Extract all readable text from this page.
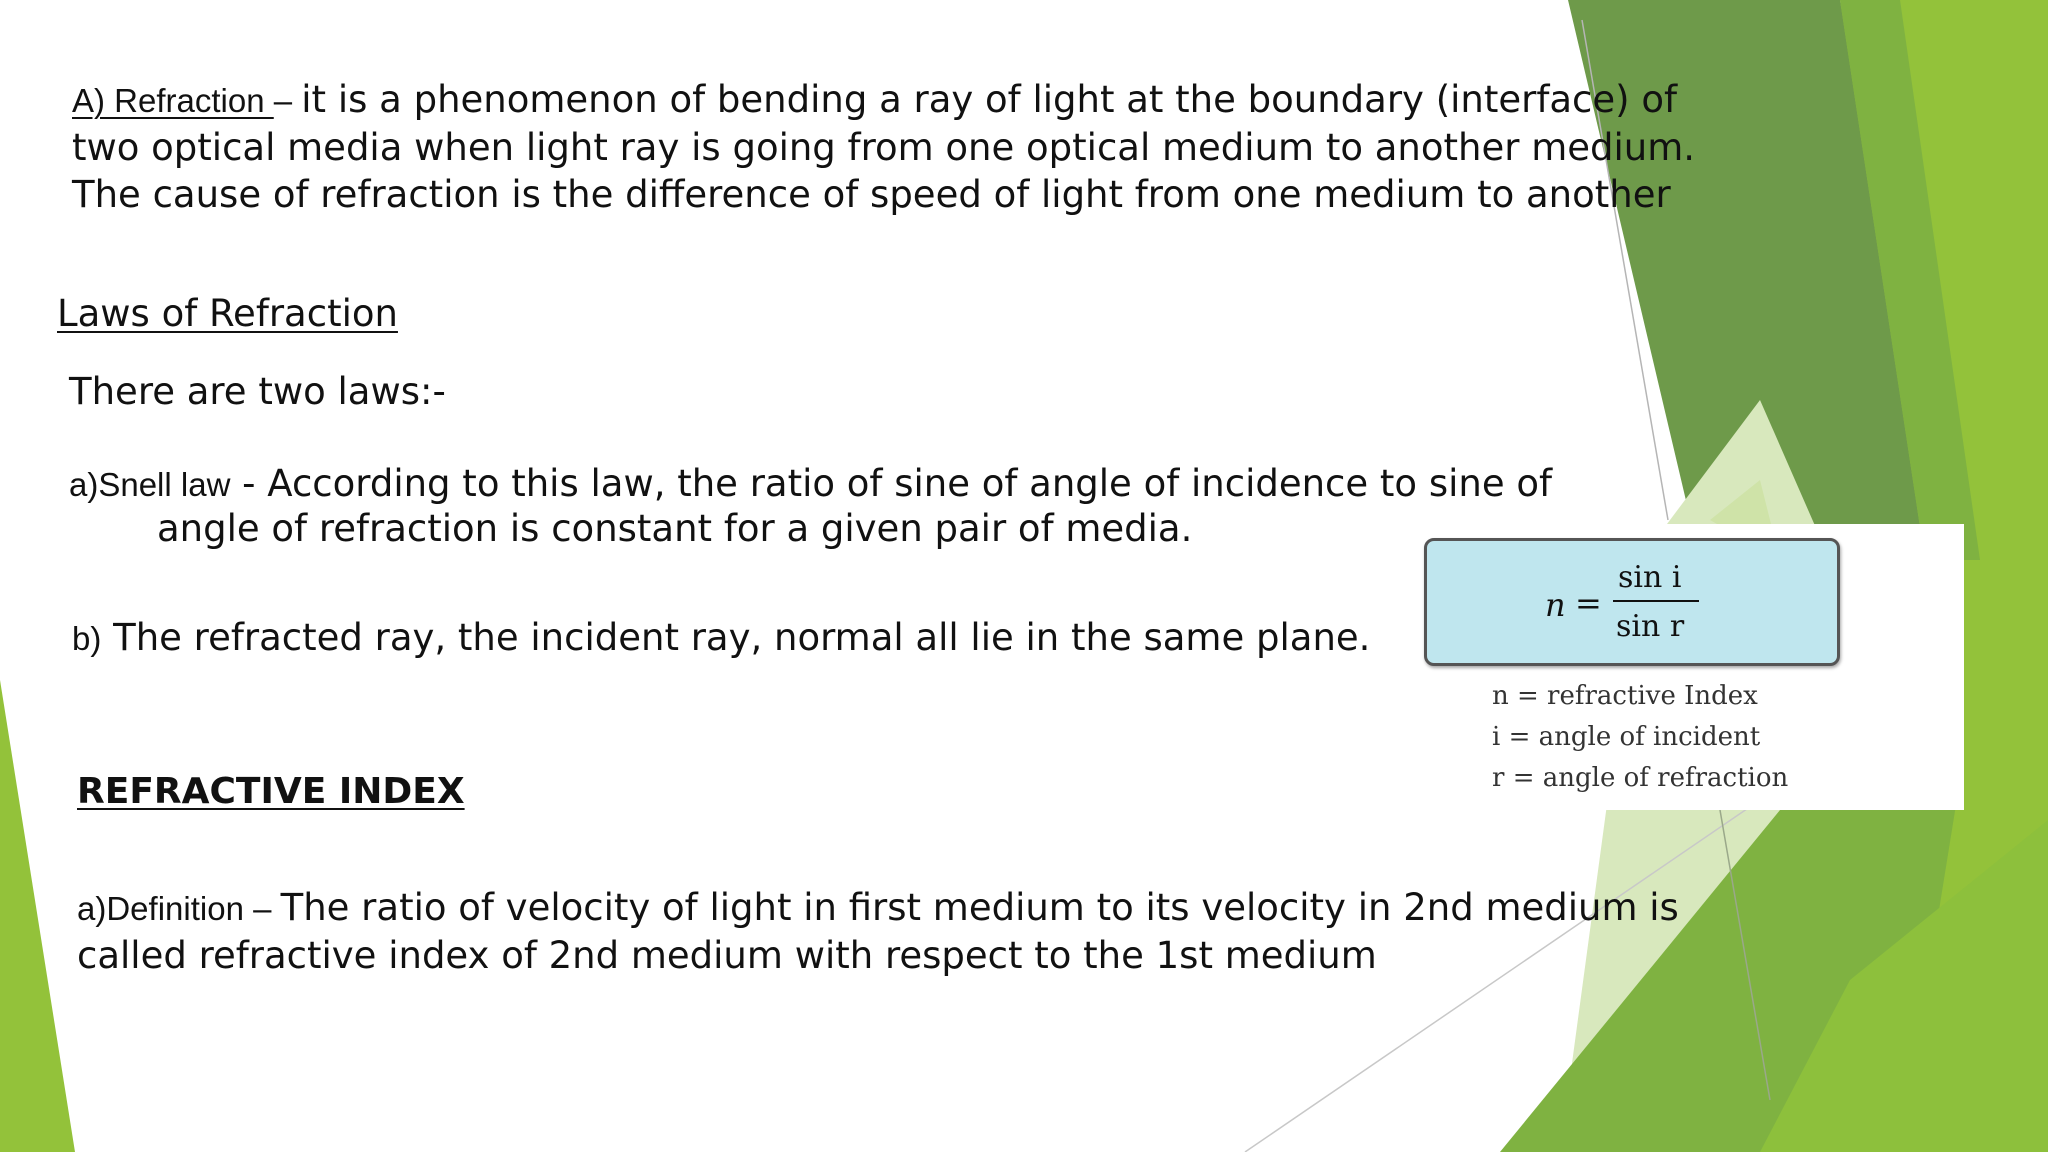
A) Refraction – it is a phenomenon of bending a ray of light at the boundary (interface) of
two optical media when light ray is going from one optical medium to another medium.
The cause of refraction is the difference of speed of light from one medium to another
Laws of Refraction
There are two laws:-
a)Snell law - According to this law, the ratio of sine of angle of incidence to sine of
angle of refraction is constant for a given pair of media.
b) The refracted ray, the incident ray, normal all lie in the same plane.
REFRACTIVE INDEX
a)Definition – The ratio of velocity of light in first medium to its velocity in 2nd medium is
called refractive index of 2nd medium with respect to the 1st medium
n =
sin i
sin r
n = refractive Index
i = angle of incident
r = angle of refraction
